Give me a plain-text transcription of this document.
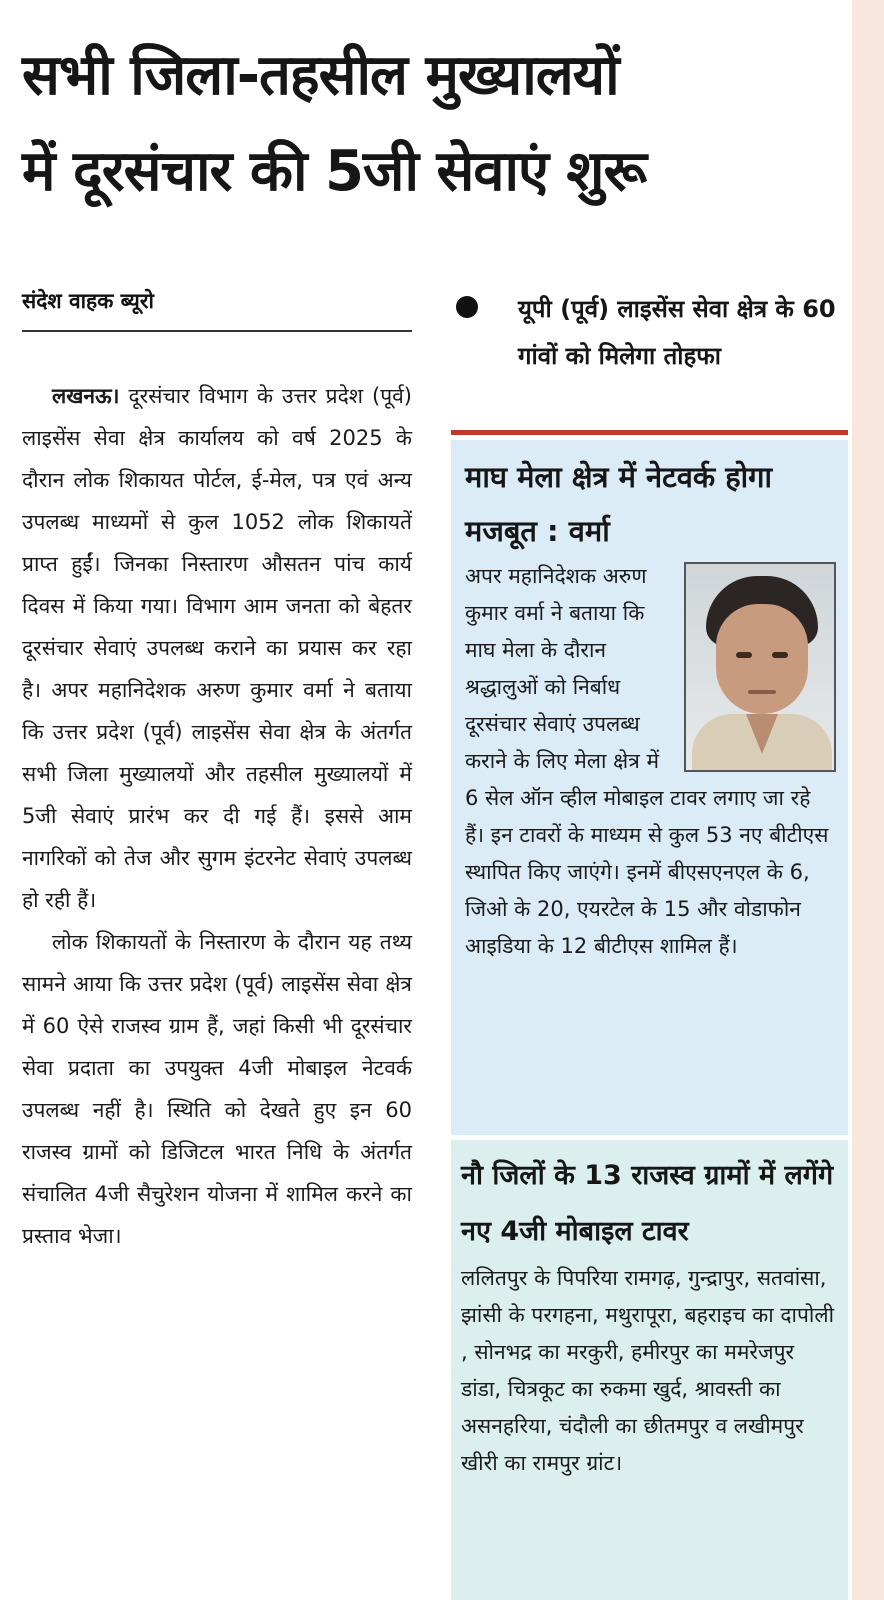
सभी जिला-तहसील मुख्यालयों
में दूरसंचार की 5जी सेवाएं शुरू
संदेश वाहक ब्यूरो

लखनऊ। दूरसंचार विभाग के उत्तर प्रदेश (पूर्व) लाइसेंस सेवा क्षेत्र कार्यालय को वर्ष 2025 के दौरान लोक शिकायत पोर्टल, ई-मेल, पत्र एवं अन्य उपलब्ध माध्यमों से कुल 1052 लोक शिकायतें प्राप्त हुईं। जिनका निस्तारण औसतन पांच कार्य दिवस में किया गया। विभाग आम जनता को बेहतर दूरसंचार सेवाएं उपलब्ध कराने का प्रयास कर रहा है। अपर महानिदेशक अरुण कुमार वर्मा ने बताया कि उत्तर प्रदेश (पूर्व) लाइसेंस सेवा क्षेत्र के अंतर्गत सभी जिला मुख्यालयों और तहसील मुख्यालयों में 5जी सेवाएं प्रारंभ कर दी गई हैं। इससे आम नागरिकों को तेज और सुगम इंटरनेट सेवाएं उपलब्ध हो रही हैं।

लोक शिकायतों के निस्तारण के दौरान यह तथ्य सामने आया कि उत्तर प्रदेश (पूर्व) लाइसेंस सेवा क्षेत्र में 60 ऐसे राजस्व ग्राम हैं, जहां किसी भी दूरसंचार सेवा प्रदाता का उपयुक्त 4जी मोबाइल नेटवर्क उपलब्ध नहीं है। स्थिति को देखते हुए इन 60 राजस्व ग्रामों को डिजिटल भारत निधि के अंतर्गत संचालित 4जी सैचुरेशन योजना में शामिल करने का प्रस्ताव भेजा।

यूपी (पूर्व) लाइसेंस सेवा क्षेत्र के 60 गांवों को मिलेगा तोहफा
माघ मेला क्षेत्र में नेटवर्क होगा मजबूत : वर्मा
अपर महानिदेशक अरुण कुमार वर्मा ने बताया कि माघ मेला के दौरान श्रद्धालुओं को निर्बाध दूरसंचार सेवाएं उपलब्ध कराने के लिए मेला क्षेत्र में 6 सेल ऑन व्हील मोबाइल टावर लगाए जा रहे हैं। इन टावरों के माध्यम से कुल 53 नए बीटीएस स्थापित किए जाएंगे। इनमें बीएसएनएल के 6, जिओ के 20, एयरटेल के 15 और वोडाफोन आइडिया के 12 बीटीएस शामिल हैं।
नौ जिलों के 13 राजस्व ग्रामों में लगेंगे नए 4जी मोबाइल टावर
ललितपुर के पिपरिया रामगढ़, गुन्द्रापुर, सतवांसा, झांसी के परगहना, मथुरापूरा, बहराइच का दापोली , सोनभद्र का मरकुरी, हमीरपुर का ममरेजपुर डांडा, चित्रकूट का रुकमा खुर्द, श्रावस्ती का असनहरिया, चंदौली का छीतमपुर व लखीमपुर खीरी का रामपुर ग्रांट।
